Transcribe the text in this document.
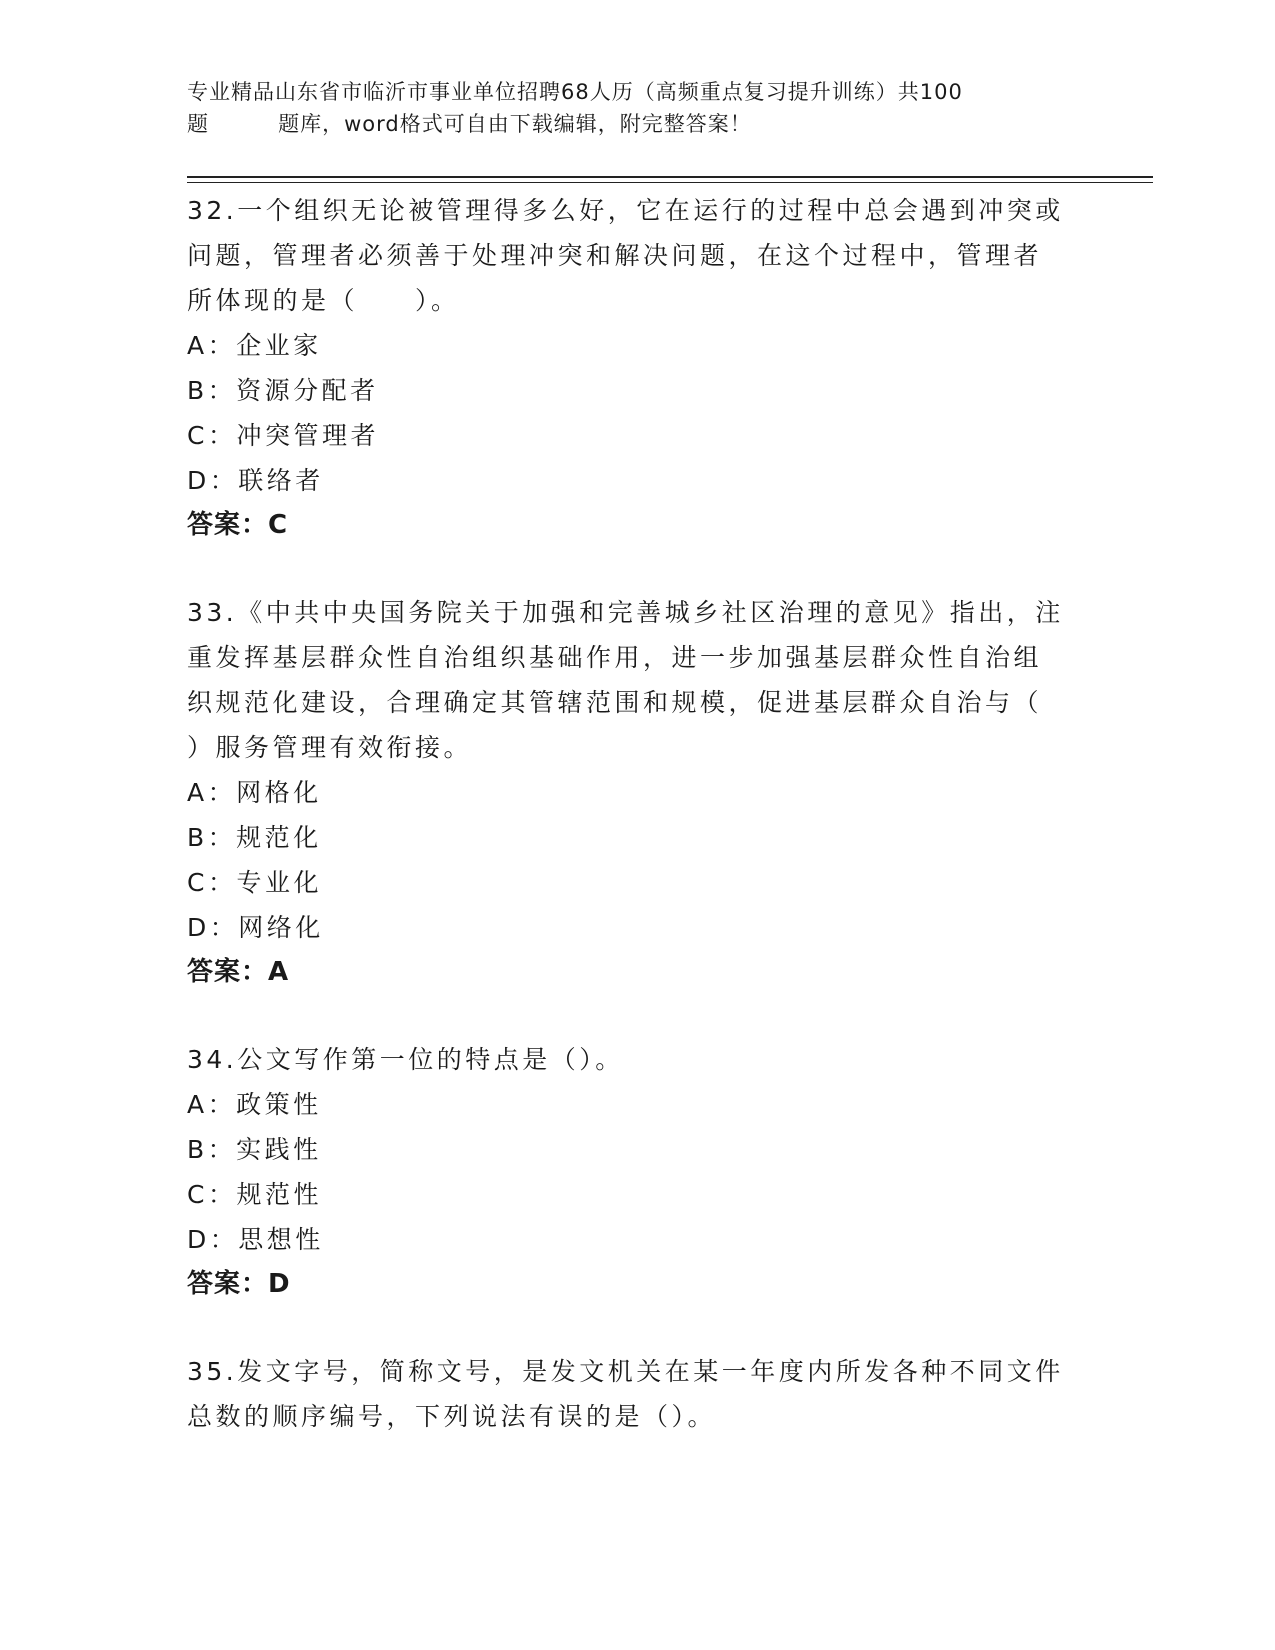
专业精品山东省市临沂市事业单位招聘68人历（高频重点复习提升训练）共100
题         题库，word格式可自由下载编辑，附完整答案！
32.一个组织无论被管理得多么好，它在运行的过程中总会遇到冲突或
问题，管理者必须善于处理冲突和解决问题，在这个过程中，管理者
所体现的是（　　）。
A：企业家
B：资源分配者
C：冲突管理者
D：联络者
答案：C
33.《中共中央国务院关于加强和完善城乡社区治理的意见》指出，注
重发挥基层群众性自治组织基础作用，进一步加强基层群众性自治组
织规范化建设，合理确定其管辖范围和规模，促进基层群众自治与（
）服务管理有效衔接。
A：网格化
B：规范化
C：专业化
D：网络化
答案：A
34.公文写作第一位的特点是（）。
A：政策性
B：实践性
C：规范性
D：思想性
答案：D
35.发文字号，简称文号，是发文机关在某一年度内所发各种不同文件
总数的顺序编号，下列说法有误的是（）。
